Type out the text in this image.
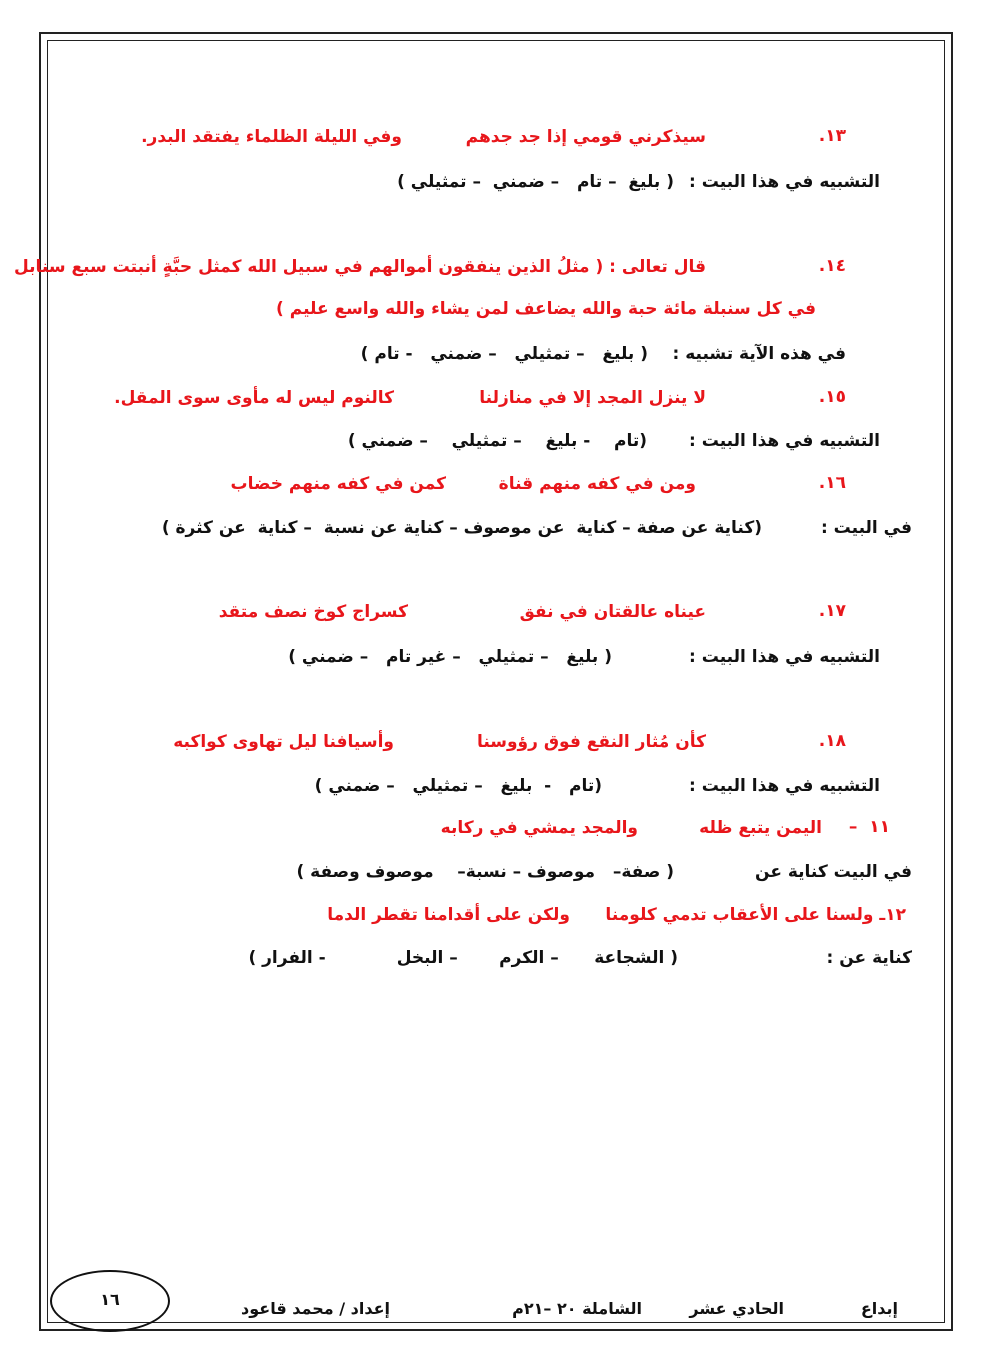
١٣.
سيذكرني قومي إذا جد جدهم
وفي الليلة الظلماء يفتقد البدر.
التشبيه في هذا البيت :
( بليغ  – تام   – ضمني  – تمثيلي )
١٤.
قال تعالى : ( مثلُ الذين ينفقون أموالهم في سبيل الله كمثل حبَّةٍ أنبتت سبع سنابل
في كل سنبلة مائة حبة والله يضاعف لمن يشاء والله واسع عليم )
في هذه الآية تشبيه :
( بليغ   – تمثيلي   – ضمني   - تام )
١٥.
لا ينزل المجد إلا في منازلنا
كالنوم ليس له مأوى سوى المقل.
التشبيه في هذا البيت :
(تام    - بليغ    – تمثيلي    – ضمني )
١٦.
ومن في كفه منهم قناة
كمن في كفه منهم خضاب
في البيت :
(كناية عن صفة – كناية  عن موصوف – كناية عن نسبة  – كناية  عن كثرة )
١٧.
عيناه عالقتان في نفق
كسراج كوخ نصف متقد
التشبيه في هذا البيت :
( بليغ   – تمثيلي   – غير تام   – ضمني )
١٨.
كأن مُثار النقع فوق رؤوسنا
وأسيافنا ليل تهاوى كواكبه
التشبيه في هذا البيت :
(تام   -  بليغ   – تمثيلي   – ضمني )
١١  –
اليمن يتبع ظله
والمجد يمشي في ركابه
في البيت كناية عن
( صفة–   موصوف – نسبة–    موصوف وصفة )
١٢ـ ولسنا على الأعقاب تدمي كلومنا      ولكن على أقدامنا تقطر الدما
كناية عن :
( الشجاعة      – الكرم       – البخل            - الفرار )
إبداع
الحادي عشر
الشاملة ٢٠ –٢١م
إعداد / محمد قاعود
١٦
